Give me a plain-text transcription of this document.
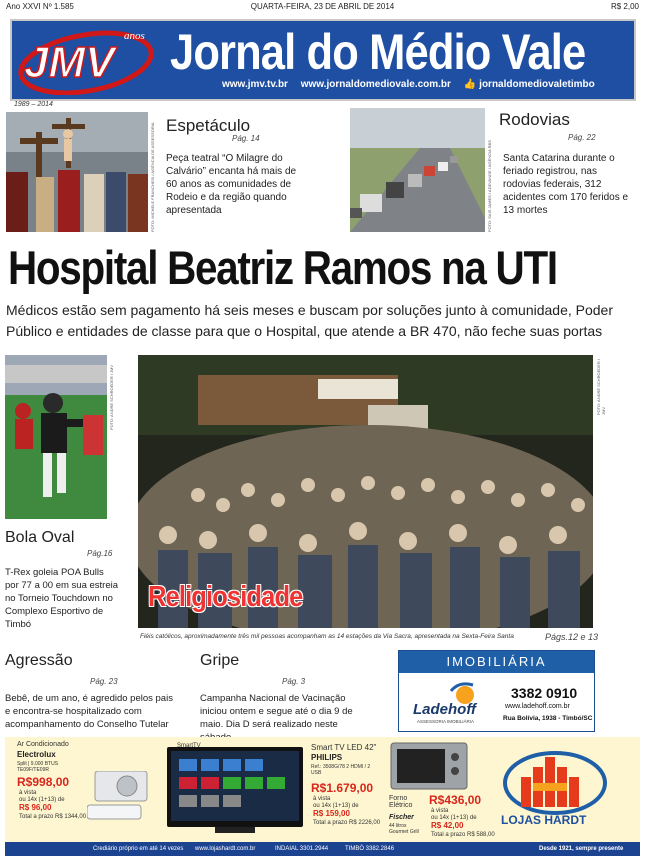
Ano XXVI Nº 1.585	QUARTA-FEIRA, 23 DE ABRIL DE 2014	R$ 2,00
JMV
anos Jornal do Médio Vale
www.jmv.tv.br www.jornaldomediovale.com.br 👍 jornaldomediovaletimbo
1989 – 2014
FOTO: MICHELE FRANCHESI / AGÊNCIA DE ASSESSORIA Espetáculo
Pág. 14
Peça teatral “O Milagre do Calvário” encanta há mais de 60 anos as comunidades de Rodeio e da região quando apresentada	FOTO: SAIS JAMES / ADEVANDE / AGÊNCIA RBS
Rodovias
Pág. 22
Santa Catarina durante o feriado registrou, nas rodovias federais, 312 acidentes com 170 feridos e 13 mortes
Hospital Beatriz Ramos na UTI
Médicos estão sem pagamento há seis meses e buscam por soluções junto à comunidade, Poder Público e entidades de classe para que o Hospital, que atende a BR 470, não feche suas portas
FOTO: ANDRÉ SCHROEDER / JMV
Religiosidade
FOTO: ANDRÉ SCHROEDER / JMV
Fiéis católicos, aproximadamente três mil pessoas acompanham as 14 estações da Via Sacra, apresentada na Sexta-Feira Santa	Págs.12 e 13
Bola Oval
Pág.16
T-Rex goleia POA Bulls por 77 a 00 em sua estreia no Torneio Touchdown no Complexo Esportivo de Timbó
Agressão
Pág. 23
Bebê, de um ano, é agredido pelos pais e encontra-se hospitalizado com acompanhamento do Conselho Tutelar
Gripe
Pág. 3
Campanha Nacional de Vacinação iniciou ontem e segue até o dia 9 de maio. Dia D será realizado neste
IMOBILIÁRIA
Ladehoff
ASSESSORIA IMOBILIÁRIA
3382 0910
www.ladehoff.com.br
Rua Bolívia, 1938 - Timbó/SC
Ar Condicionado
Electrolux
Split | 9.000 BTUS TE09F/TE09R
R$998,00
à vista
ou 14x (1+13) de
R$ 96,00
Total a prazo R$ 1344,00
SmartTV	Smart TV LED 42"
PHILIPS
Ref.: 3508G/78 2 HDMI / 2 USB
R$1.679,00
à vista
ou 14x (1+13) de
R$ 159,00
Total a prazo R$ 2226,00
Forno Elétrico
Fischer
44 litros Gourmet Grill
R$436,00
à vista
ou 14x (1+13) de
R$ 42,00
Total a prazo R$ 588,00
LOJAS HARDT
Crediário próprio em até 14 vezes www.lojashardt.com.br	INDAIAL 3301.2944	TIMBÓ 3382.2846	Desde 1921, sempre presente
